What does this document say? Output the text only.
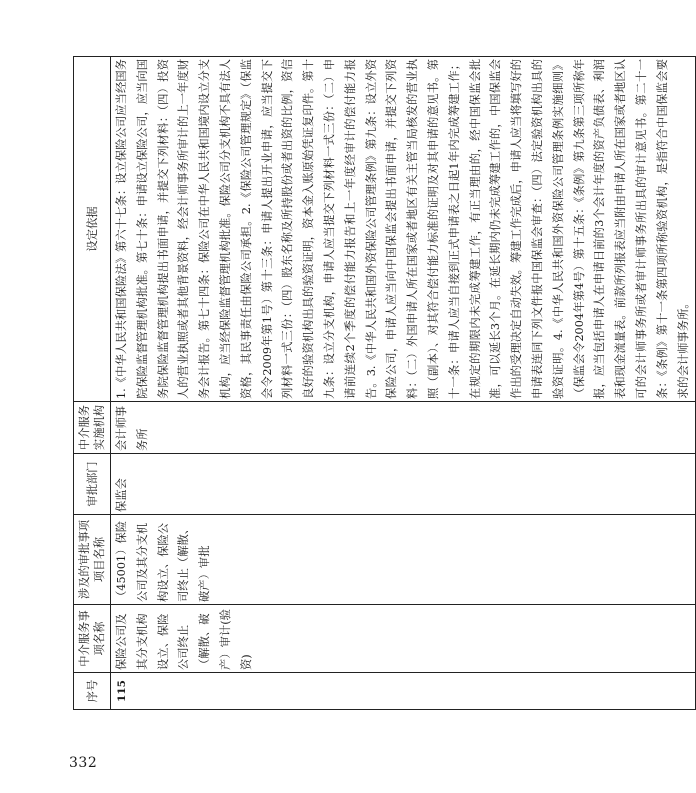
序号	中介服务事项名称	涉及的审批事项项目名称	审批部门	中介服务实施机构	设定依据
115	保险公司及其分支机构设立、保险公司终止（解散、破产）审计(验资)	（45001）保险公司及其分支机构设立、保险公司终止（解散、破产）审批	保监会	会计师事务所	1.《中华人民共和国保险法》第六十七条：设立保险公司应当经国务院保险监督管理机构批准。第七十条：申请设立保险公司，应当向国务院保险监督管理机构提出书面申请，并提交下列材料：（四）投资人的营业执照或者其他背景资料，经会计师事务所审计的上一年度财务会计报告。第七十四条：保险公司在中华人民共和国境内设立分支机构，应当经保险监督管理机构批准。保险公司分支机构不具有法人资格，其民事责任由保险公司承担。2.《保险公司管理规定》（保监会令2009年第1号）第十三条：申请人提出开业申请，应当提交下列材料一式三份：（四）股东名称及所持股份或者出资的比例，资信良好的验资机构出具的验资证明，资本金入账原始凭证复印件。第十九条：设立分支机构，申请人应当提交下列材料一式三份：（二）申请前连续2个季度的偿付能力报告和上一年度经审计的偿付能力报告。3.《中华人民共和国外资保险公司管理条例》第九条：设立外资保险公司，申请人应当向中国保监会提出书面申请，并提交下列资料：（二）外国申请人所在国家或者地区有关主管当局核发的营业执照（副本）、对其符合偿付能力标准的证明及对其申请的意见书。第十一条：申请人应当自接到正式申请表之日起1年内完成筹建工作；在规定的期限内未完成筹建工作，有正当理由的，经中国保监会批准，可以延长3个月。在延长期内仍未完成筹建工作的，中国保监会作出的受理决定自动失效。筹建工作完成后，申请人应当将填写好的申请表连同下列文件报中国保监会审查：（四）法定验资机构出具的验资证明。4.《中华人民共和国外资保险公司管理条例实施细则》（保监会令2004年第4号）第十五条：《条例》第九条第三项所称年报，应当包括申请人在申请日前的3个会计年度的资产负债表、利润表和现金流量表。前款所列报表应当附由申请人所在国家或者地区认可的会计师事务所或者审计师事务所出具的审计意见书。第二十一条：《条例》第十一条第四项所称验资机构，是指符合中国保监会要求的会计师事务所。
332
